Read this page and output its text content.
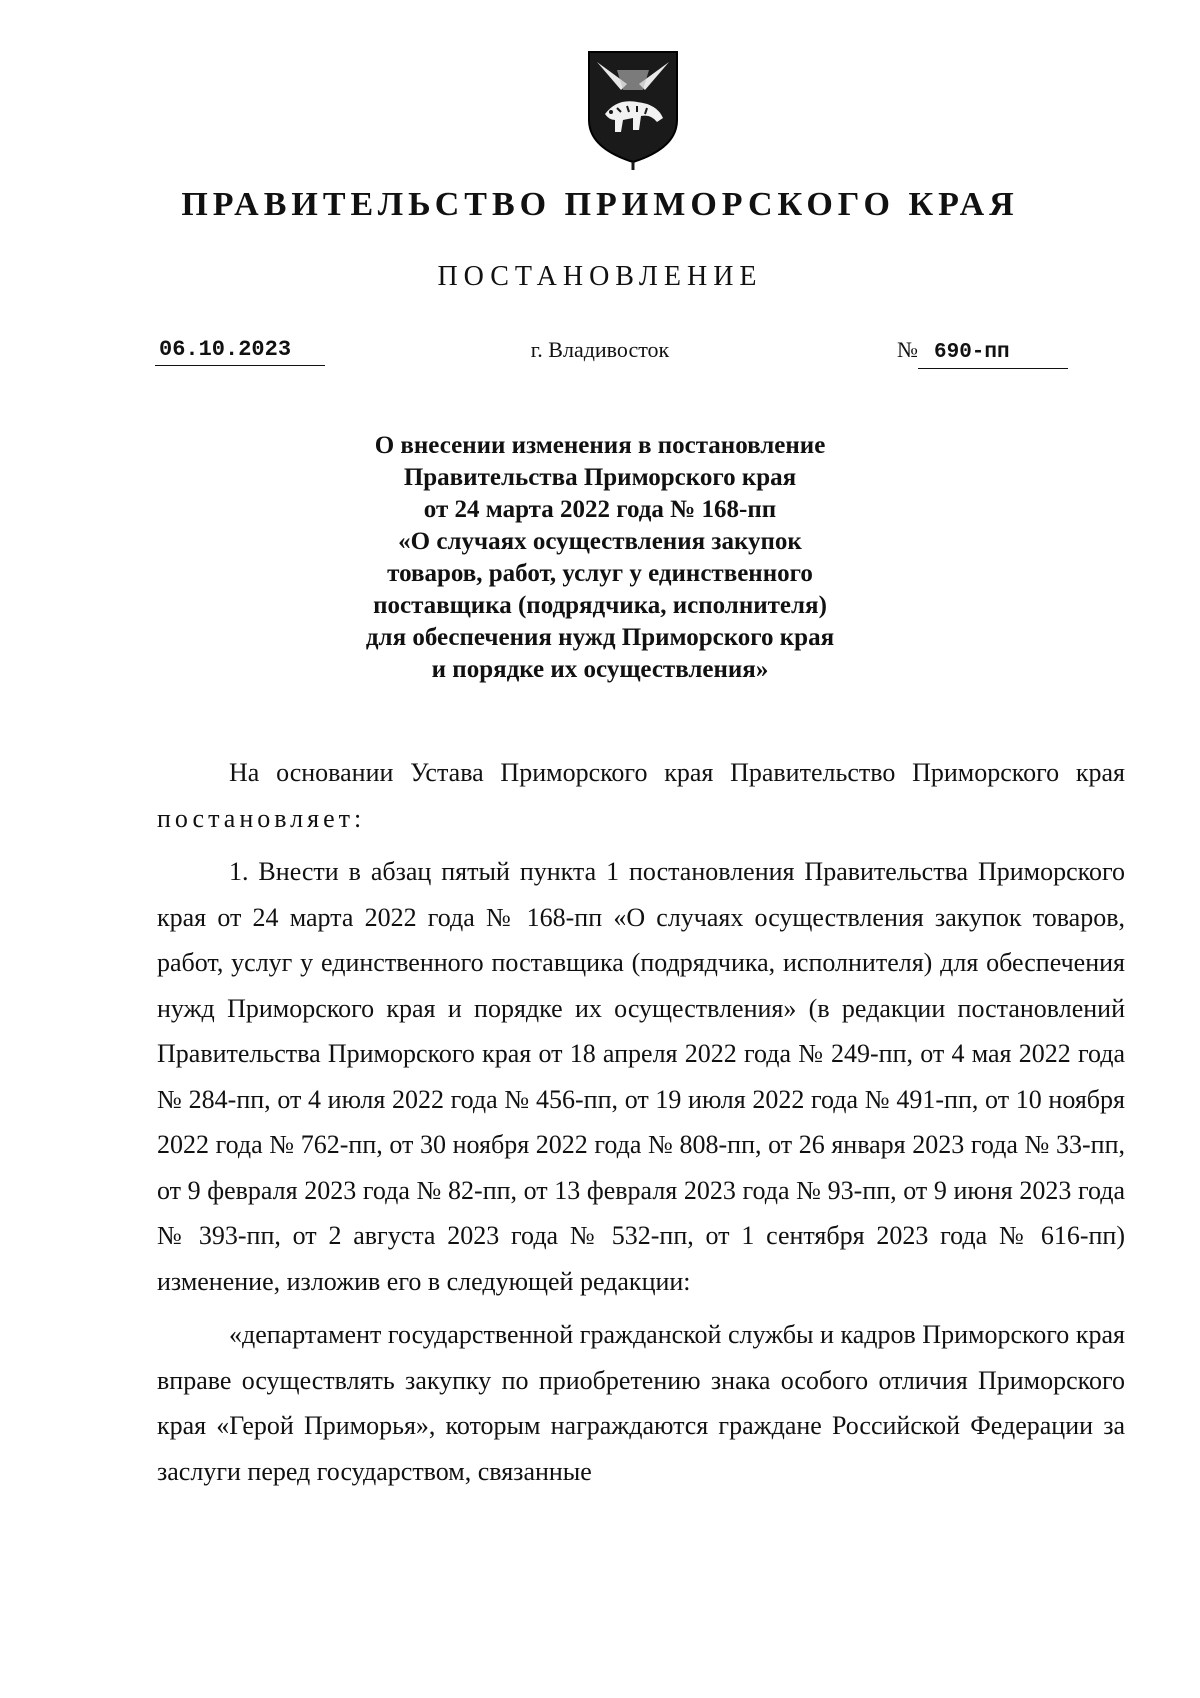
ПРАВИТЕЛЬСТВО ПРИМОРСКОГО КРАЯ
ПОСТАНОВЛЕНИЕ
06.10.2023	г. Владивосток	№ 690-пп
О внесении изменения в постановление
Правительства Приморского края
от 24 марта 2022 года № 168-пп
«О случаях осуществления закупок
товаров, работ, услуг у единственного
поставщика (подрядчика, исполнителя)
для обеспечения нужд Приморского края
и порядке их осуществления»

На основании Устава Приморского края Правительство Приморского края постановляет:

1. Внести в абзац пятый пункта 1 постановления Правительства Приморского края от 24 марта 2022 года № 168-пп «О случаях осуществления закупок товаров, работ, услуг у единственного поставщика (подрядчика, исполнителя) для обеспечения нужд Приморского края и порядке их осуществления» (в редакции постановлений Правительства Приморского края от 18 апреля 2022 года № 249-пп, от 4 мая 2022 года № 284-пп, от 4 июля 2022 года № 456-пп, от 19 июля 2022 года № 491-пп, от 10 ноября 2022 года № 762-пп, от 30 ноября 2022 года № 808-пп, от 26 января 2023 года № 33-пп, от 9 февраля 2023 года № 82-пп, от 13 февраля 2023 года № 93-пп, от 9 июня 2023 года № 393-пп, от 2 августа 2023 года № 532-пп, от 1 сентября 2023 года № 616-пп) изменение, изложив его в следующей редакции:

«департамент государственной гражданской службы и кадров Приморского края вправе осуществлять закупку по приобретению знака особого отличия Приморского края «Герой Приморья», которым награждаются граждане Российской Федерации за заслуги перед государством, связанные
